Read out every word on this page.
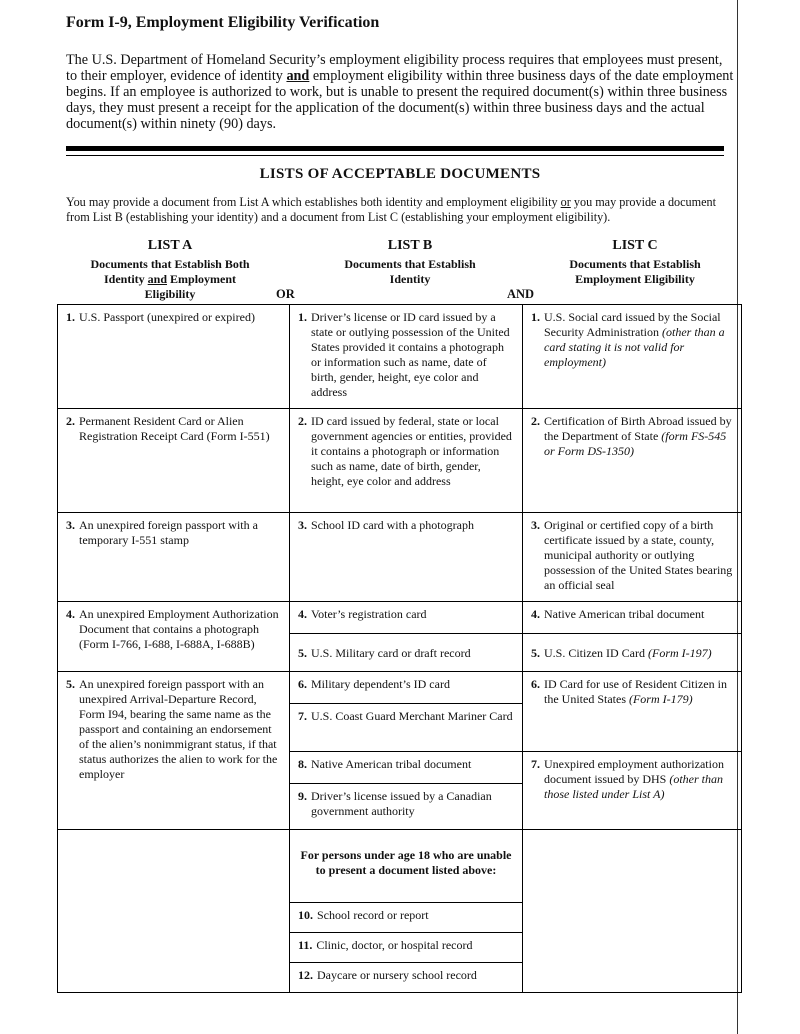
Form I-9, Employment Eligibility Verification
The U.S. Department of Homeland Security’s employment eligibility process requires that employees must present, to their employer, evidence of identity and employment eligibility within three business days of the date employment begins. If an employee is authorized to work, but is unable to present the required document(s) within three business days, they must present a receipt for the application of the document(s) within three business days and the actual document(s) within ninety (90) days.
LISTS OF ACCEPTABLE DOCUMENTS
You may provide a document from List A which establishes both identity and employment eligibility or you may provide a document from List B (establishing your identity) and a document from List C (establishing your employment eligibility).
LIST A
Documents that Establish Both
Identity and Employment
Eligibility
LIST B
Documents that Establish
Identity
LIST C
Documents that Establish
Employment Eligibility
OR	AND
1. U.S. Passport (unexpired or expired)	1. Driver’s license or ID card issued by a state or outlying possession of the United States provided it contains a photograph or information such as name, date of birth, gender, height, eye color and address	1. U.S. Social card issued by the Social Security Administration (other than a card stating it is not valid for employment)

2. Permanent Resident Card or Alien Registration Receipt Card (Form I-551)	2. ID card issued by federal, state or local government agencies or entities, provided it contains a photograph or information such as name, date of birth, gender, height, eye color and address	2. Certification of Birth Abroad issued by the Department of State (form FS-545 or Form DS-1350)

3. An unexpired foreign passport with a temporary I-551 stamp	3. School ID card with a photograph	3. Original or certified copy of a birth certificate issued by a state, county, municipal authority or outlying possession of the United States bearing an official seal

4. An unexpired Employment Authorization Document that contains a photograph
(Form I-766, I-688, I-688A, I-688B)	4. Voter’s registration card	4. Native American tribal document

	5. U.S. Military card or draft record	5. U.S. Citizen ID Card (Form I-197)

5. An unexpired foreign passport with an unexpired Arrival-Departure Record, Form I94, bearing the same name as the passport and containing an endorsement of the alien’s nonimmigrant status, if that status authorizes the alien to work for the employer	6. Military dependent’s ID card	6. ID Card for use of Resident Citizen in the United States (Form I-179)

	7. U.S. Coast Guard Merchant Mariner Card	

	8. Native American tribal document	7. Unexpired employment authorization document issued by DHS (other than those listed under List A)

	9. Driver’s license issued by a Canadian government authority	

	For persons under age 18 who are unable to present a document listed above:	

	10. School record or report	

	11. Clinic, doctor, or hospital record	

	12. Daycare or nursery school record	
